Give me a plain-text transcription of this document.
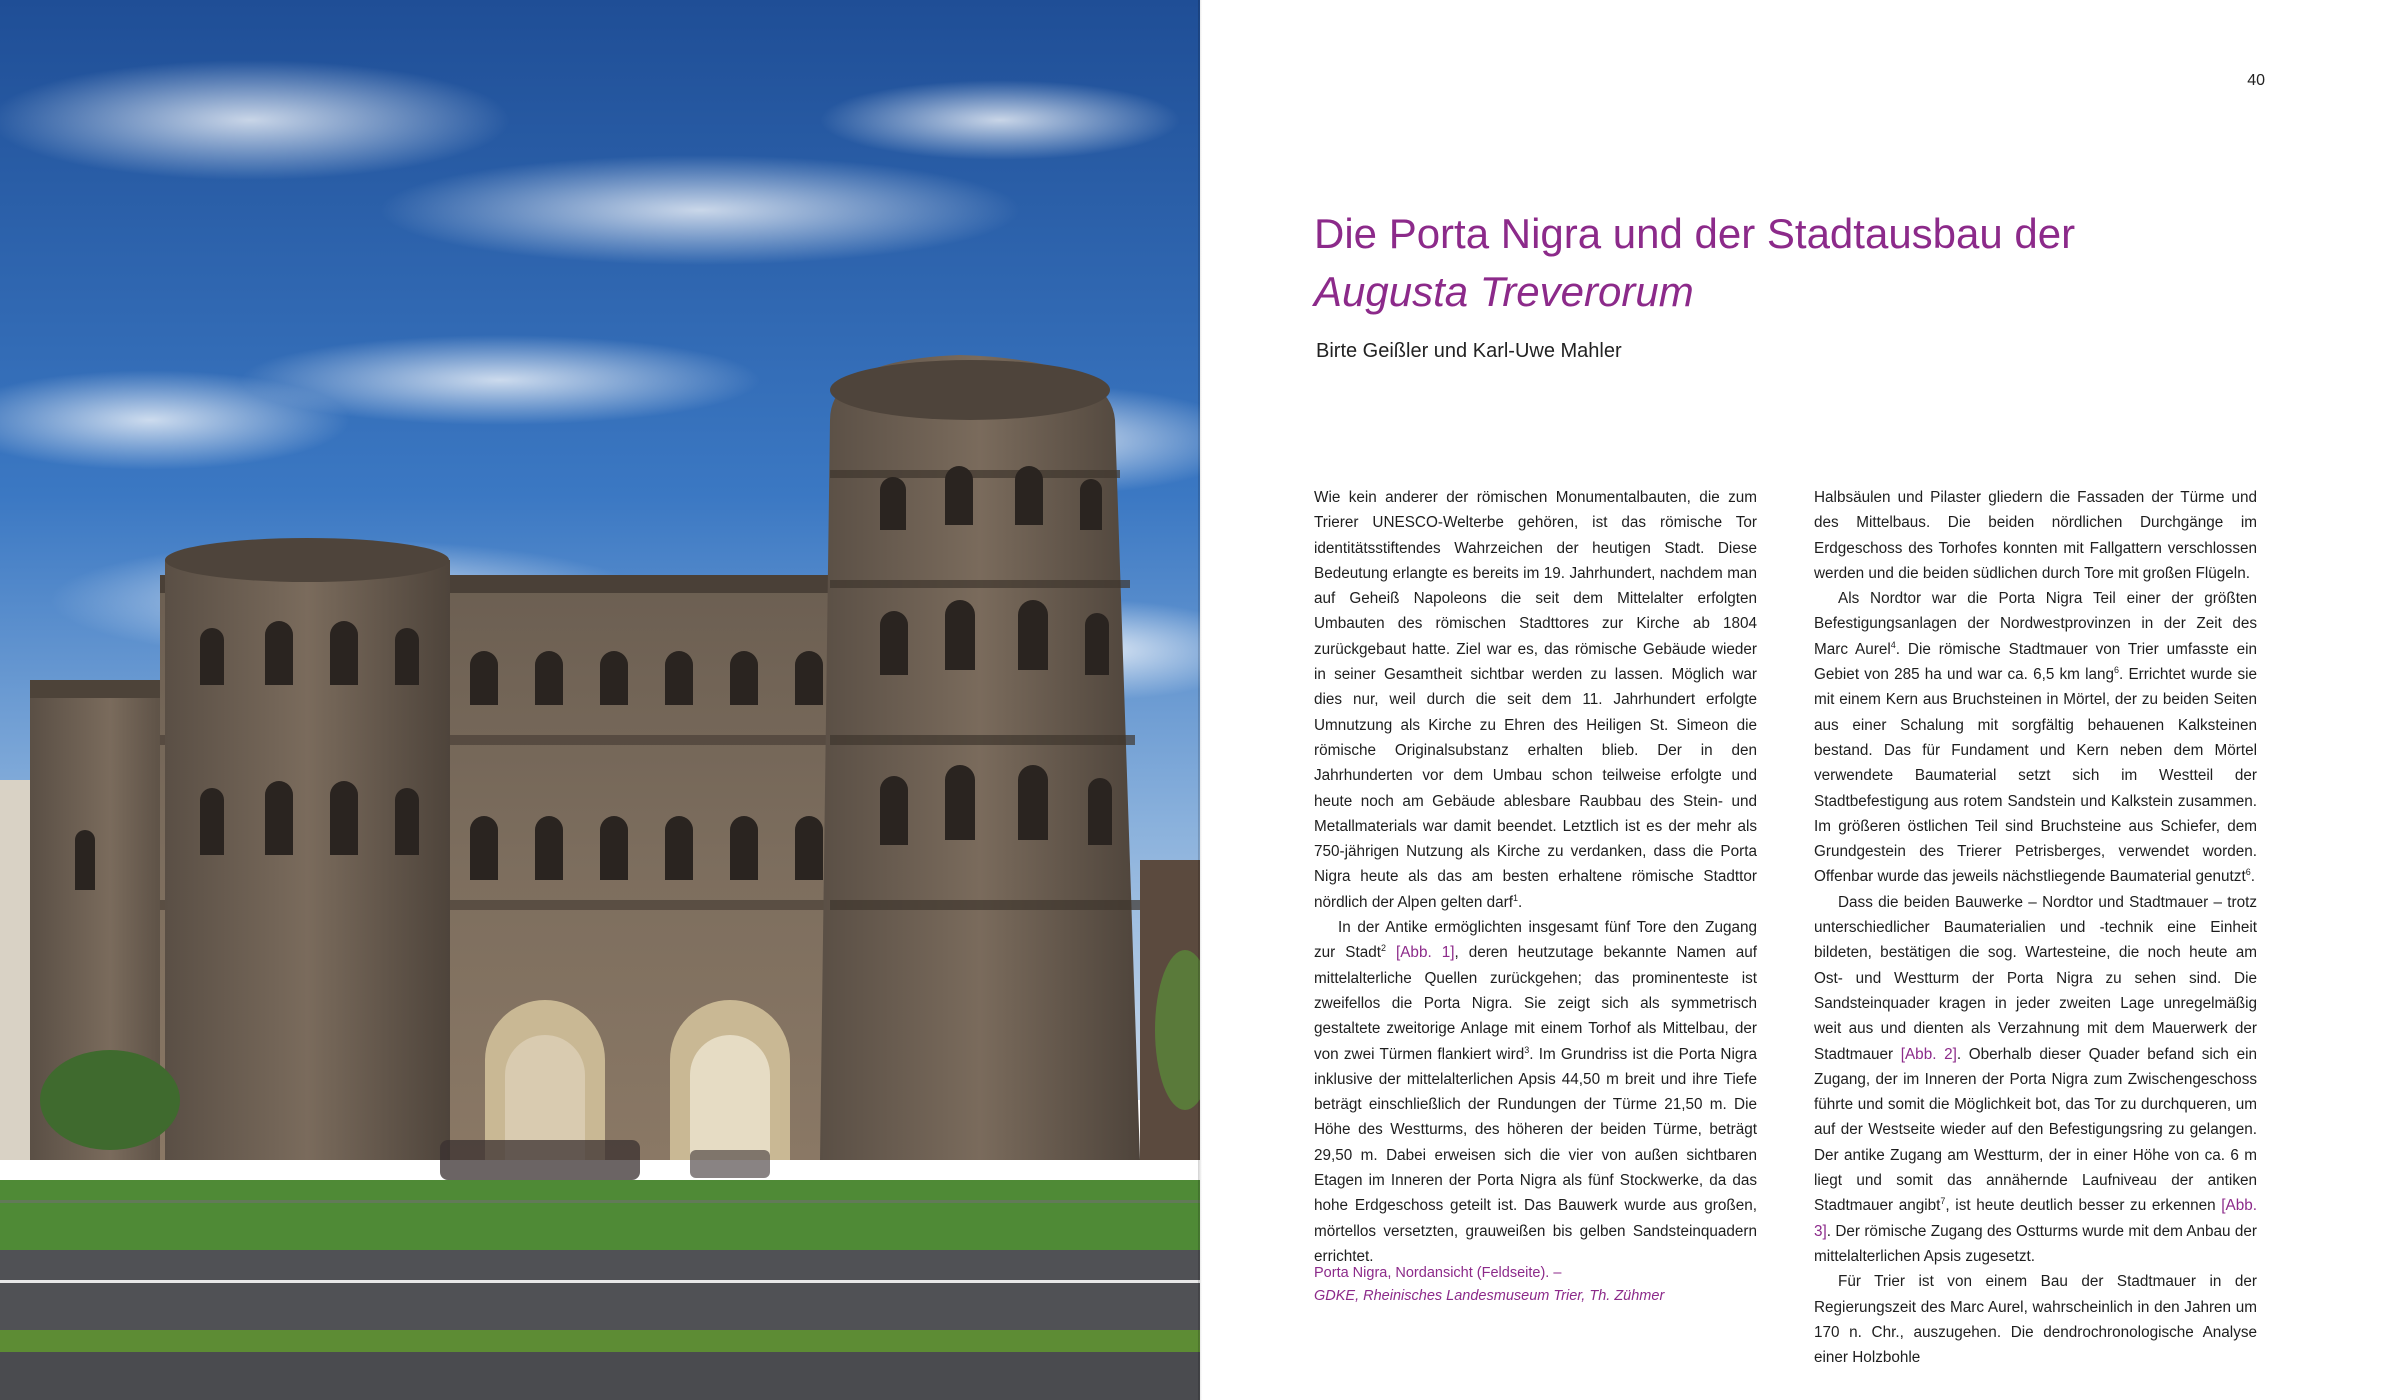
40
Die Porta Nigra und der Stadtausbau der
Augusta Treverorum
Birte Geißler und Karl-Uwe Mahler

Wie kein anderer der römischen Monumentalbauten, die zum Trierer UNESCO-Welterbe gehören, ist das römische Tor identitätsstiftendes Wahrzeichen der heutigen Stadt. Diese Bedeutung erlangte es bereits im 19. Jahrhundert, nachdem man auf Geheiß Napoleons die seit dem Mittelalter erfolgten Umbauten des römischen Stadttores zur Kirche ab 1804 zurückgebaut hatte. Ziel war es, das römische Gebäude wieder in seiner Gesamtheit sichtbar werden zu lassen. Möglich war dies nur, weil durch die seit dem 11. Jahrhundert erfolgte Umnutzung als Kirche zu Ehren des Heiligen St. Simeon die römische Originalsubstanz erhalten blieb. Der in den Jahrhunderten vor dem Umbau schon teilweise erfolgte und heute noch am Gebäude ablesbare Raubbau des Stein- und Metallmaterials war damit beendet. Letztlich ist es der mehr als 750-jährigen Nutzung als Kirche zu verdanken, dass die Porta Nigra heute als das am besten erhaltene römische Stadttor nördlich der Alpen gelten darf$^1$.

In der Antike ermöglichten insgesamt fünf Tore den Zugang zur Stadt$^2$ [Abb. 1], deren heutzutage bekannte Namen auf mittelalterliche Quellen zurückgehen; das prominenteste ist zweifellos die Porta Nigra. Sie zeigt sich als symmetrisch gestaltete zweitorige Anlage mit einem Torhof als Mittelbau, der von zwei Türmen flankiert wird$^3$. Im Grundriss ist die Porta Nigra inklusive der mittelalterlichen Apsis 44,50 m breit und ihre Tiefe beträgt einschließlich der Rundungen der Türme 21,50 m. Die Höhe des Westturms, des höheren der beiden Türme, beträgt 29,50 m. Dabei erweisen sich die vier von außen sichtbaren Etagen im Inneren der Porta Nigra als fünf Stockwerke, da das hohe Erdgeschoss geteilt ist. Das Bauwerk wurde aus großen, mörtellos versetzten, grauweißen bis gelben Sandsteinquadern errichtet.

Halbsäulen und Pilaster gliedern die Fassaden der Türme und des Mittelbaus. Die beiden nördlichen Durchgänge im Erdgeschoss des Torhofes konnten mit Fallgattern verschlossen werden und die beiden südlichen durch Tore mit großen Flügeln.

Als Nordtor war die Porta Nigra Teil einer der größten Befestigungsanlagen der Nordwestprovinzen in der Zeit des Marc Aurel$^4$. Die römische Stadtmauer von Trier umfasste ein Gebiet von 285 ha und war ca. 6,5 km lang$^6$. Errichtet wurde sie mit einem Kern aus Bruchsteinen in Mörtel, der zu beiden Seiten aus einer Schalung mit sorgfältig behauenen Kalksteinen bestand. Das für Fundament und Kern neben dem Mörtel verwendete Baumaterial setzt sich im Westteil der Stadtbefestigung aus rotem Sandstein und Kalkstein zusammen. Im größeren östlichen Teil sind Bruchsteine aus Schiefer, dem Grundgestein des Trierer Petrisberges, verwendet worden. Offenbar wurde das jeweils nächstliegende Baumaterial genutzt$^6$.

Dass die beiden Bauwerke – Nordtor und Stadtmauer – trotz unterschiedlicher Baumaterialien und -technik eine Einheit bildeten, bestätigen die sog. Wartesteine, die noch heute am Ost- und Westturm der Porta Nigra zu sehen sind. Die Sandsteinquader kragen in jeder zweiten Lage unregelmäßig weit aus und dienten als Verzahnung mit dem Mauerwerk der Stadtmauer [Abb. 2]. Oberhalb dieser Quader befand sich ein Zugang, der im Inneren der Porta Nigra zum Zwischengeschoss führte und somit die Möglichkeit bot, das Tor zu durchqueren, um auf der Westseite wieder auf den Befestigungsring zu gelangen. Der antike Zugang am Westturm, der in einer Höhe von ca. 6 m liegt und somit das annähernde Laufniveau der antiken Stadtmauer angibt$^7$, ist heute deutlich besser zu erkennen [Abb. 3]. Der römische Zugang des Ostturms wurde mit dem Anbau der mittelalterlichen Apsis zugesetzt.

Für Trier ist von einem Bau der Stadtmauer in der Regierungszeit des Marc Aurel, wahrscheinlich in den Jahren um 170 n. Chr., auszugehen. Die dendrochronologische Analyse einer Holzbohle

Porta Nigra, Nordansicht (Feldseite). –
GDKE, Rheinisches Landesmuseum Trier, Th. Zühmer
